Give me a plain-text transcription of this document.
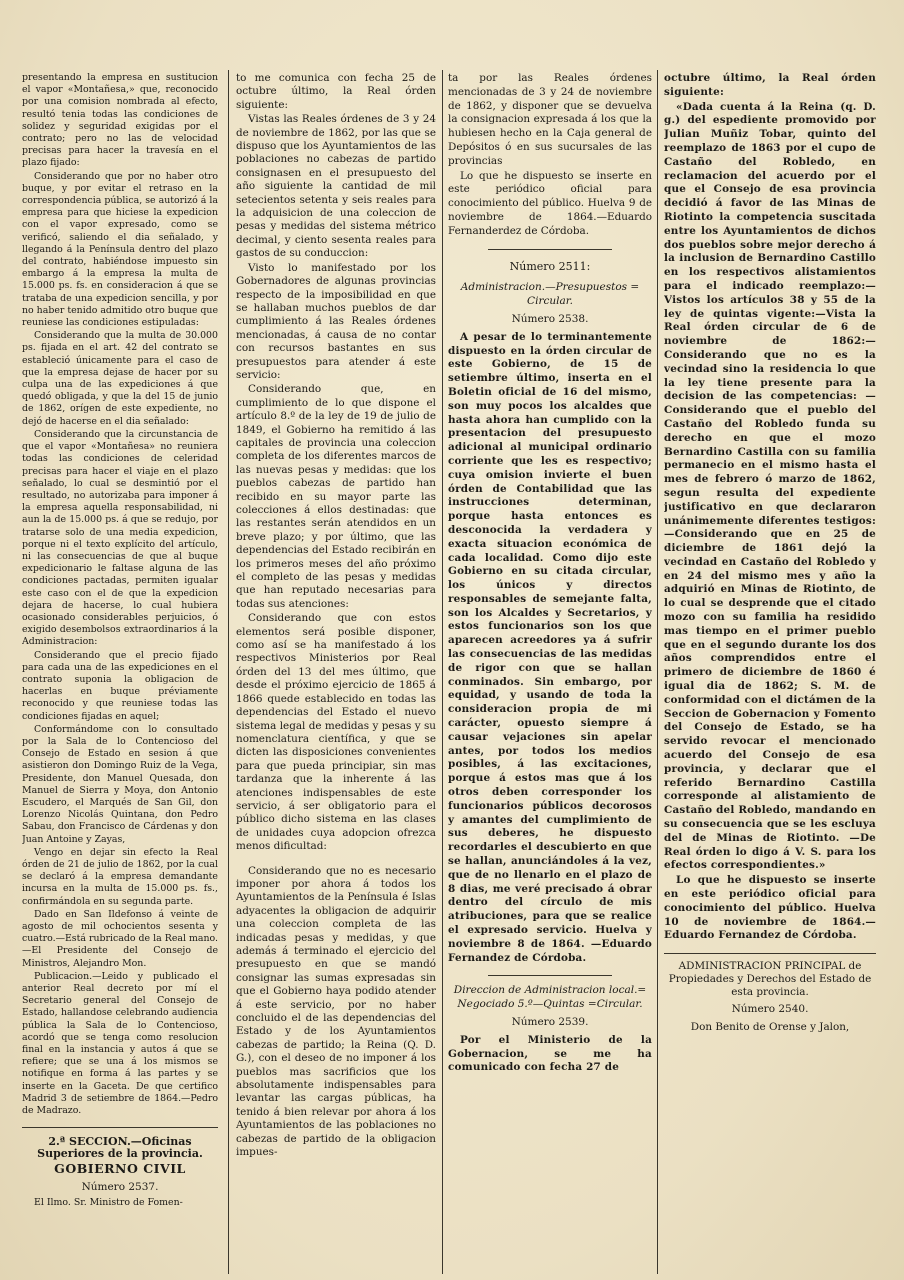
presentando la empresa en sustitucion el vapor «Montañesa,» que, reconocido por una comision nombrada al efecto, resultó tenia todas las condiciones de solidez y seguridad exigidas por el contrato; pero no las de velocidad precisas para hacer la travesía en el plazo fijado:

Considerando que por no haber otro buque, y por evitar el retraso en la correspondencia pública, se autorizó á la empresa para que hiciese la expedicion con el vapor expresado, como se verificó, saliendo el dia señalado, y llegando á la Península dentro del plazo del contrato, habiéndose impuesto sin embargo á la empresa la multa de 15.000 ps. fs. en consideracion á que se trataba de una expedicion sencilla, y por no haber tenido admitido otro buque que reuniese las condiciones estipuladas:

Considerando que la multa de 30.000 ps. fijada en el art. 42 del contrato se estableció únicamente para el caso de que la empresa dejase de hacer por su culpa una de las expediciones á que quedó obligada, y que la del 15 de junio de 1862, orígen de este expediente, no dejó de hacerse en el dia señalado:

Considerando que la circunstancia de que el vapor «Montañesa» no reuniera todas las condiciones de celeridad precisas para hacer el viaje en el plazo señalado, lo cual se desmintió por el resultado, no autorizaba para imponer á la empresa aquella responsabilidad, ni aun la de 15.000 ps. á que se redujo, por tratarse solo de una media expedicion, porque ni el texto explícito del artículo, ni las consecuencias de que al buque expedicionario le faltase alguna de las condiciones pactadas, permiten igualar este caso con el de que la expedicion dejara de hacerse, lo cual hubiera ocasionado considerables perjuicios, ó exigido desembolsos extraordinarios á la Administracion:

Considerando que el precio fijado para cada una de las expediciones en el contrato suponia la obligacion de hacerlas en buque préviamente reconocido y que reuniese todas las condiciones fijadas en aquel;

Conformándome con lo consultado por la Sala de lo Contencioso del Consejo de Estado en sesion á que asistieron don Domingo Ruiz de la Vega, Presidente, don Manuel Quesada, don Manuel de Sierra y Moya, don Antonio Escudero, el Marqués de San Gil, don Lorenzo Nicolás Quintana, don Pedro Sabau, don Francisco de Cárdenas y don Juan Antoine y Zayas,

Vengo en dejar sin efecto la Real órden de 21 de julio de 1862, por la cual se declaró á la empresa demandante incursa en la multa de 15.000 ps. fs., confirmándola en su segunda parte.

Dado en San Ildefonso á veinte de agosto de mil ochocientos sesenta y cuatro.—Está rubricado de la Real mano.—El Presidente del Consejo de Ministros, Alejandro Mon.

Publicacion.—Leido y publicado el anterior Real decreto por mí el Secretario general del Consejo de Estado, hallandose celebrando audiencia pública la Sala de lo Contencioso, acordó que se tenga como resolucion final en la instancia y autos á que se refiere; que se una á los mismos se notifique en forma á las partes y se inserte en la Gaceta. De que certifico Madrid 3 de setiembre de 1864.—Pedro de Madrazo.

2.ª SECCION.—Oficinas Superiores de la provincia.
GOBIERNO CIVIL
Número 2537.

El Ilmo. Sr. Ministro de Fomen-

to me comunica con fecha 25 de octubre último, la Real órden siguiente:

Vistas las Reales órdenes de 3 y 24 de noviembre de 1862, por las que se dispuso que los Ayuntamientos de las poblaciones no cabezas de partido consignasen en el presupuesto del año siguiente la cantidad de mil setecientos setenta y seis reales para la adquisicion de una coleccion de pesas y medidas del sistema métrico decimal, y ciento sesenta reales para gastos de su conduccion:

Visto lo manifestado por los Gobernadores de algunas provincias respecto de la imposibilidad en que se hallaban muchos pueblos de dar cumplimiento á las Reales órdenes mencionadas, á causa de no contar con recursos bastantes en sus presupuestos para atender á este servicio:

Considerando que, en cumplimiento de lo que dispone el artículo 8.º de la ley de 19 de julio de 1849, el Gobierno ha remitido á las capitales de provincia una coleccion completa de los diferentes marcos de las nuevas pesas y medidas: que los pueblos cabezas de partido han recibido en su mayor parte las colecciones á ellos destinadas: que las restantes serán atendidos en un breve plazo; y por último, que las dependencias del Estado recibirán en los primeros meses del año próximo el completo de las pesas y medidas que han reputado necesarias para todas sus atenciones:

Considerando que con estos elementos será posible disponer, como así se ha manifestado á los respectivos Ministerios por Real órden del 13 del mes último, que desde el próximo ejercicio de 1865 á 1866 quede establecido en todas las dependencias del Estado el nuevo sistema legal de medidas y pesas y su nomenclatura científica, y que se dicten las disposiciones convenientes para que pueda principiar, sin mas tardanza que la inherente á las atenciones indispensables de este servicio, á ser obligatorio para el público dicho sistema en las clases de unidades cuya adopcion ofrezca menos dificultad:

Considerando que no es necesario imponer por ahora á todos los Ayuntamientos de la Península é Islas adyacentes la obligacion de adquirir una coleccion completa de las indicadas pesas y medidas, y que además á terminado el ejercicio del presupuesto en que se mandó consignar las sumas expresadas sin que el Gobierno haya podido atender á este servicio, por no haber concluido el de las dependencias del Estado y de los Ayuntamientos cabezas de partido; la Reina (Q. D. G.), con el deseo de no imponer á los pueblos mas sacrificios que los absolutamente indispensables para levantar las cargas públicas, ha tenido á bien relevar por ahora á los Ayuntamientos de las poblaciones no cabezas de partido de la obligacion impues-

ta por las Reales órdenes mencionadas de 3 y 24 de noviembre de 1862, y disponer que se devuelva la consignacion expresada á los que la hubiesen hecho en la Caja general de Depósitos ó en sus sucursales de las provincias

Lo que he dispuesto se inserte en este periódico oficial para conocimiento del público. Huelva 9 de noviembre de 1864.—Eduardo Fernanderdez de Córdoba.

Número 2511:
Administracion.—Presupuestos = Circular.
Número 2538.

A pesar de lo terminantemente dispuesto en la órden circular de este Gobierno, de 15 de setiembre último, inserta en el Boletin oficial de 16 del mismo, son muy pocos los alcaldes que hasta ahora han cumplido con la presentacion del presupuesto adicional al municipal ordinario corriente que les es respectivo; cuya omision invierte el buen órden de Contabilidad que las instrucciones determinan, porque hasta entonces es desconocida la verdadera y exacta situacion económica de cada localidad. Como dijo este Gobierno en su citada circular, los únicos y directos responsables de semejante falta, son los Alcaldes y Secretarios, y estos funcionarios son los que aparecen acreedores ya á sufrir las consecuencias de las medidas de rigor con que se hallan conminados. Sin embargo, por equidad, y usando de toda la consideracion propia de mi carácter, opuesto siempre á causar vejaciones sin apelar antes, por todos los medios posibles, á las excitaciones, porque á estos mas que á los otros deben corresponder los funcionarios públicos decorosos y amantes del cumplimiento de sus deberes, he dispuesto recordarles el descubierto en que se hallan, anunciándoles á la vez, que de no llenarlo en el plazo de 8 dias, me veré precisado á obrar dentro del círculo de mis atribuciones, para que se realice el expresado servicio. Huelva y noviembre 8 de 1864. —Eduardo Fernandez de Córdoba.

Direccion de Administracion local.= Negociado 5.º—Quintas =Circular.
Número 2539.

Por el Ministerio de la Gobernacion, se me ha comunicado con fecha 27 de

octubre último, la Real órden siguiente:

«Dada cuenta á la Reina (q. D. g.) del espediente promovido por Julian Muñiz Tobar, quinto del reemplazo de 1863 por el cupo de Castaño del Robledo, en reclamacion del acuerdo por el que el Consejo de esa provincia decidió á favor de las Minas de Riotinto la competencia suscitada entre los Ayuntamientos de dichos dos pueblos sobre mejor derecho á la inclusion de Bernardino Castillo en los respectivos alistamientos para el indicado reemplazo:—Vistos los artículos 38 y 55 de la ley de quintas vigente:—Vista la Real órden circular de 6 de noviembre de 1862:—Considerando que no es la vecindad sino la residencia lo que la ley tiene presente para la decision de las competencias: —Considerando que el pueblo del Castaño del Robledo funda su derecho en que el mozo Bernardino Castilla con su familia permanecio en el mismo hasta el mes de febrero ó marzo de 1862, segun resulta del expediente justificativo en que declararon unánimemente diferentes testigos:—Considerando que en 25 de diciembre de 1861 dejó la vecindad en Castaño del Robledo y en 24 del mismo mes y año la adquirió en Minas de Riotinto, de lo cual se desprende que el citado mozo con su familia ha residido mas tiempo en el primer pueblo que en el segundo durante los dos años comprendidos entre el primero de diciembre de 1860 é igual dia de 1862; S. M. de conformidad con el dictámen de la Seccion de Gobernacion y Fomento del Consejo de Estado, se ha servido revocar el mencionado acuerdo del Consejo de esa provincia, y declarar que el referido Bernardino Castilla corresponde al alistamiento de Castaño del Robledo, mandando en su consecuencia que se les escluya del de Minas de Riotinto. —De Real órden lo digo á V. S. para los efectos correspondientes.»

Lo que he dispuesto se inserte en este periódico oficial para conocimiento del público. Huelva 10 de noviembre de 1864.—Eduardo Fernandez de Córdoba.

ADMINISTRACION PRINCIPAL de Propiedades y Derechos del Estado de esta provincia.
Número 2540.

Don Benito de Orense y Jalon,
